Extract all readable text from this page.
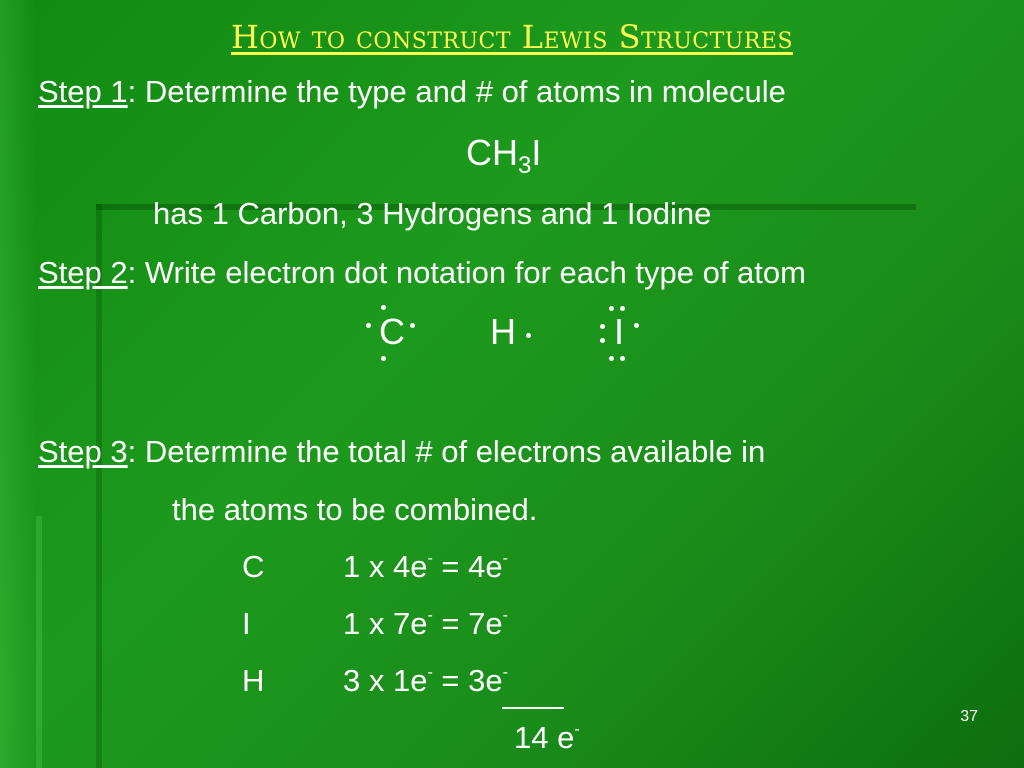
How to construct Lewis Structures
Step 1: Determine the type and # of atoms in molecule
$CH_3I$
has 1 Carbon, 3 Hydrogens and 1 Iodine
Step 2: Write electron dot notation for each type of atom
C H	I
Step 3: Determine the total # of electrons available in
the atoms to be combined.
C	1 x 4e- = 4e-
I	1 x 7e- = 7e-
H	3 x 1e- = 3e-
14 e-
37
